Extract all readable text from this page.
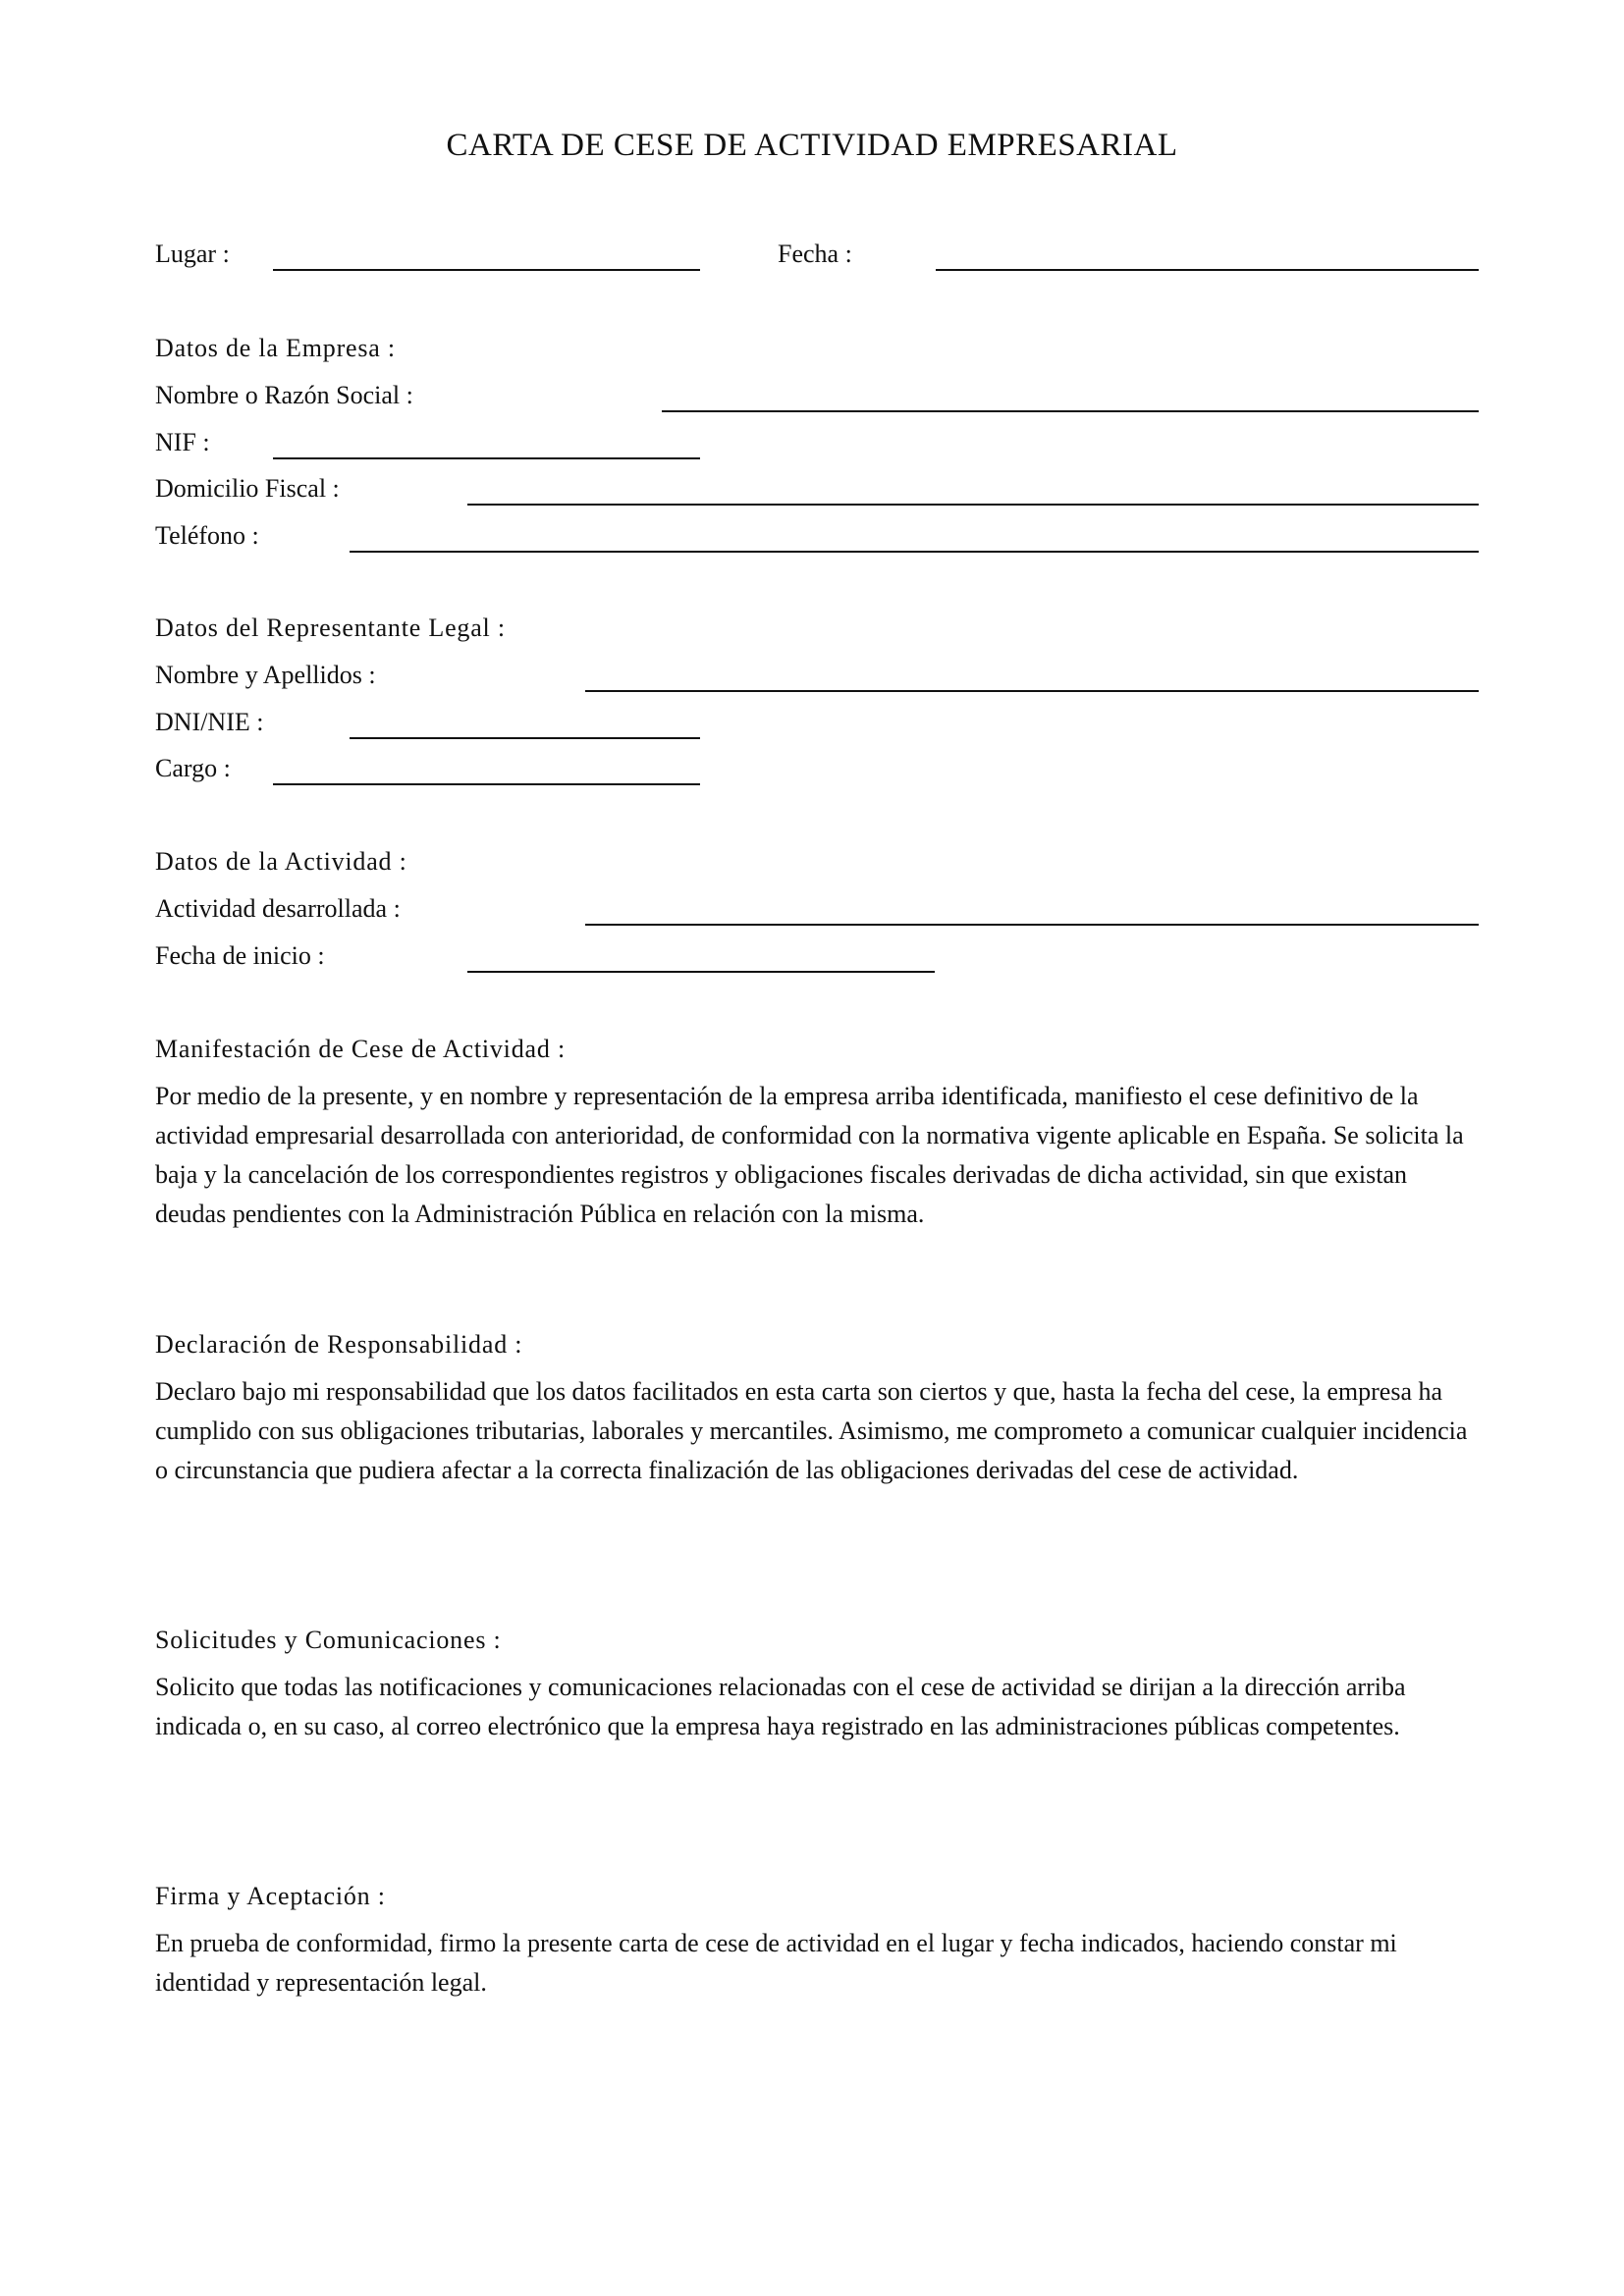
CARTA DE CESE DE ACTIVIDAD EMPRESARIAL
Lugar :	Fecha :
Datos de la Empresa :
Nombre o Razón Social :
NIF :
Domicilio Fiscal :
Teléfono :
Datos del Representante Legal :
Nombre y Apellidos :
DNI/NIE :
Cargo :
Datos de la Actividad :
Actividad desarrollada :
Fecha de inicio :
Manifestación de Cese de Actividad :
Por medio de la presente, y en nombre y representación de la empresa arriba identificada, manifiesto el cese definitivo de la actividad empresarial desarrollada con anterioridad, de conformidad con la normativa vigente aplicable en España. Se solicita la baja y la cancelación de los correspondientes registros y obligaciones fiscales derivadas de dicha actividad, sin que existan deudas pendientes con la Administración Pública en relación con la misma.
Declaración de Responsabilidad :
Declaro bajo mi responsabilidad que los datos facilitados en esta carta son ciertos y que, hasta la fecha del cese, la empresa ha cumplido con sus obligaciones tributarias, laborales y mercantiles. Asimismo, me comprometo a comunicar cualquier incidencia o circunstancia que pudiera afectar a la correcta finalización de las obligaciones derivadas del cese de actividad.
Solicitudes y Comunicaciones :
Solicito que todas las notificaciones y comunicaciones relacionadas con el cese de actividad se dirijan a la dirección arriba indicada o, en su caso, al correo electrónico que la empresa haya registrado en las administraciones públicas competentes.
Firma y Aceptación :
En prueba de conformidad, firmo la presente carta de cese de actividad en el lugar y fecha indicados, haciendo constar mi identidad y representación legal.
